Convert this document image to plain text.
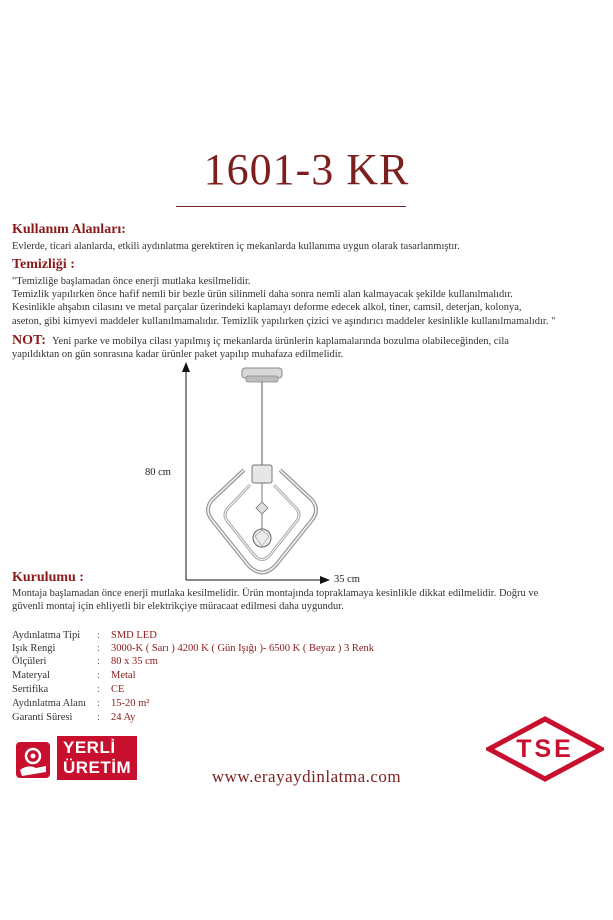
1601-3 KR
Kullanım Alanları:
Evlerde, ticari alanlarda, etkili aydınlatma gerektiren iç mekanlarda kullanıma uygun olarak tasarlanmıştır.
Temizliği :
"Temizliğe başlamadan önce enerji mutlaka kesilmelidir.
Temizlik yapılırken önce hafif nemli bir bezle ürün silinmeli daha sonra nemli alan kalmayacak şekilde kullanılmalıdır.
Kesinlikle ahşabın cilasını ve metal parçalar üzerindeki kaplamayı deforme edecek alkol, tiner, camsil, deterjan, kolonya,
aseton, gibi kimyevi maddeler kullanılmamalıdır. Temizlik yapılırken çizici ve aşındırıcı maddeler kesinlikle kullanılmamalıdır. "
NOT: Yeni parke ve mobilya cilası yapılmış iç mekanlarda ürünlerin kaplamalarında bozulma olabileceğinden, cila
yapıldıktan on gün sonrasına kadar ürünler paket yapılıp muhafaza edilmelidir.
80 cm
35 cm
Kurulumu :
Montaja başlamadan önce enerji mutlaka kesilmelidir. Ürün montajında topraklamaya kesinlikle dikkat edilmelidir. Doğru ve
güvenli montaj için ehliyetli bir elektrikçiye müracaat edilmesi daha uygundur.
Aydınlatma Tipi : SMD LED
Işık Rengi	: 3000-K ( Sarı ) 4200 K ( Gün Işığı )- 6500 K ( Beyaz ) 3 Renk
Ölçüleri	: 80 x 35 cm
Materyal	: Metal
Sertifika	: CE
Aydınlatma Alanı : 15-20 m²
Garanti Süresi : 24 Ay
YERLİ
ÜRETİM	www.erayaydinlatma.com
TSE
